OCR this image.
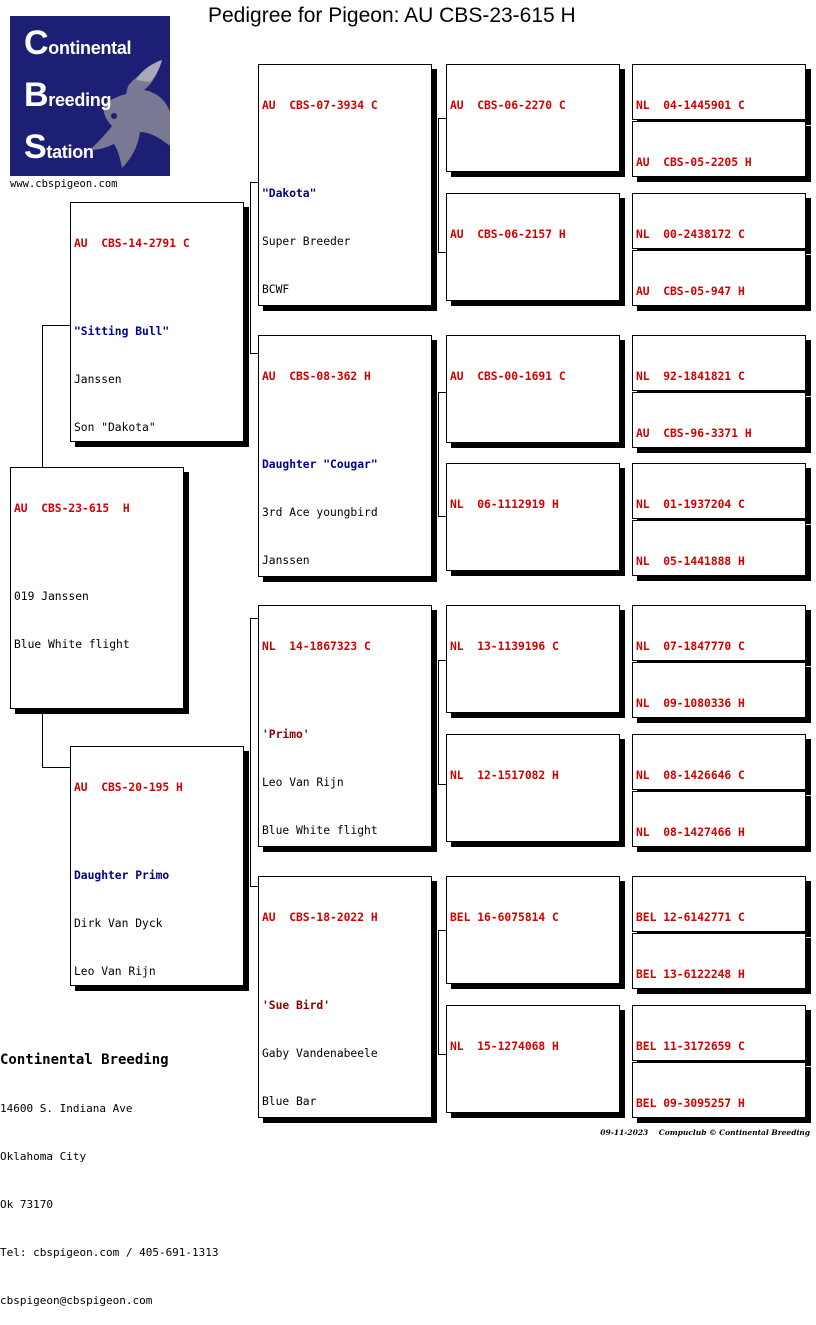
Pedigree for Pigeon: AU CBS-23-615 H
Continental
Breeding
Station
www.cbspigeon.com

AU  CBS-23-615  H

019 Janssen

Blue White flight

AU  CBS-14-2791 C

"Sitting Bull"

Janssen

Son "Dakota"

AU  CBS-20-195 H

Daughter Primo

Dirk Van Dyck

Leo Van Rijn

AU  CBS-07-3934 C

"Dakota"

Super Breeder

BCWF

AU  CBS-08-362 H

Daughter "Cougar"

3rd Ace youngbird

Janssen

NL  14-1867323 C

'Primo'

Leo Van Rijn

Blue White flight

AU  CBS-18-2022 H

'Sue Bird'

Gaby Vandenabeele

Blue Bar

AU  CBS-06-2270 C

AU  CBS-06-2157 H

AU  CBS-00-1691 C

NL  06-1112919 H

NL  13-1139196 C

NL  12-1517082 H

BEL 16-6075814 C

NL  15-1274068 H

NL  04-1445901 C

AU  CBS-05-2205 H

NL  00-2438172 C

AU  CBS-05-947 H

NL  92-1841821 C

AU  CBS-96-3371 H

NL  01-1937204 C

NL  05-1441888 H

NL  07-1847770 C

NL  09-1080336 H

NL  08-1426646 C

NL  08-1427466 H

BEL 12-6142771 C

BEL 13-6122248 H

BEL 11-3172659 C

BEL 09-3095257 H

Continental Breeding

14600 S. Indiana Ave

Oklahoma City

Ok 73170

Tel: cbspigeon.com / 405-691-1313

cbspigeon@cbspigeon.com

09-11-2023 Compuclub © Continental Breeding
